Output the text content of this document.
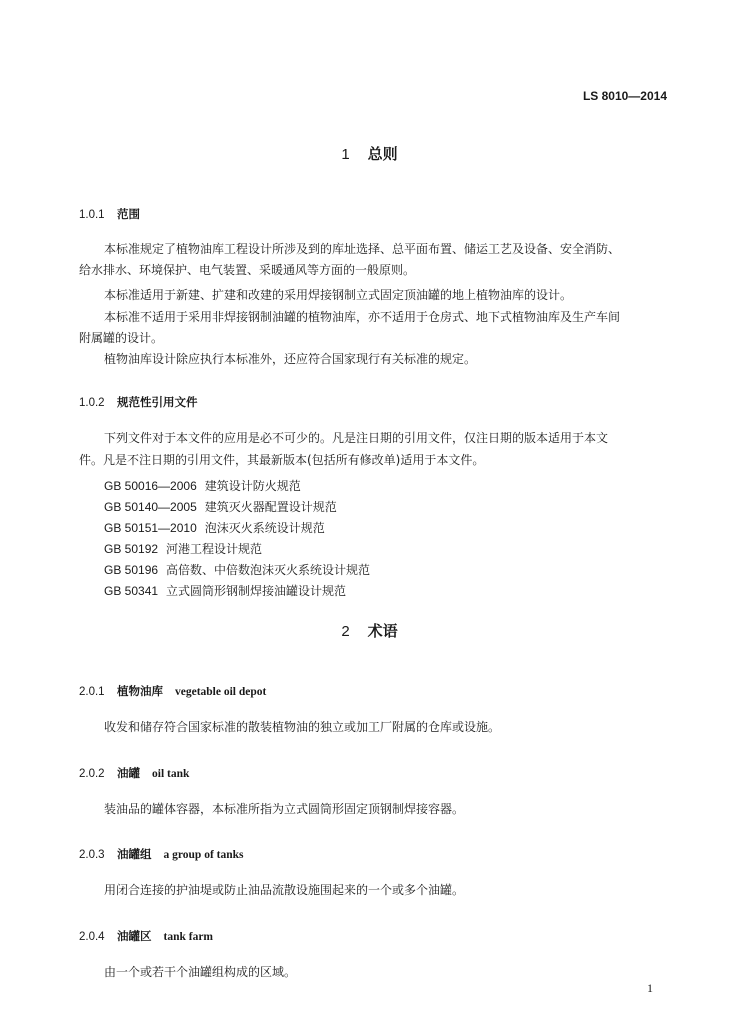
LS 8010—2014
1 总则
1.0.1 范围
本标准规定了植物油库工程设计所涉及到的库址选择、总平面布置、储运工艺及设备、安全消防、
给水排水、环境保护、电气装置、采暖通风等方面的一般原则。
本标准适用于新建、扩建和改建的采用焊接钢制立式固定顶油罐的地上植物油库的设计。
本标准不适用于采用非焊接钢制油罐的植物油库，亦不适用于仓房式、地下式植物油库及生产车间
附属罐的设计。
植物油库设计除应执行本标准外，还应符合国家现行有关标准的规定。
1.0.2 规范性引用文件
下列文件对于本文件的应用是必不可少的。凡是注日期的引用文件，仅注日期的版本适用于本文
件。凡是不注日期的引用文件，其最新版本(包括所有修改单)适用于本文件。
GB 50016—2006 建筑设计防火规范
GB 50140—2005 建筑灭火器配置设计规范
GB 50151—2010 泡沫灭火系统设计规范
GB 50192 河港工程设计规范
GB 50196 高倍数、中倍数泡沫灭火系统设计规范
GB 50341 立式圆筒形钢制焊接油罐设计规范
2 术语
2.0.1 植物油库 vegetable oil depot
收发和储存符合国家标准的散装植物油的独立或加工厂附属的仓库或设施。
2.0.2 油罐 oil tank
装油品的罐体容器，本标准所指为立式圆筒形固定顶钢制焊接容器。
2.0.3 油罐组 a group of tanks
用闭合连接的护油堤或防止油品流散设施围起来的一个或多个油罐。
2.0.4 油罐区 tank farm
由一个或若干个油罐组构成的区域。
1
